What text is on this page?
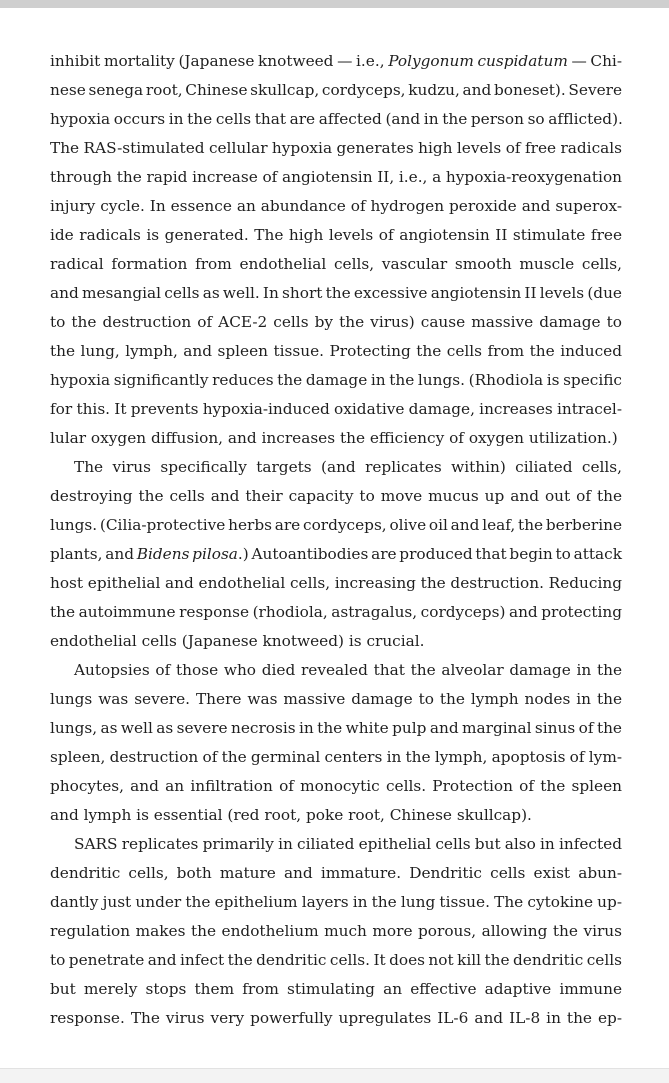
inhibit mortality (Japanese knotweed — i.e., Polygonum cuspidatum — Chi-
nese senega root, Chinese skullcap, cordyceps, kudzu, and boneset). Severe
hypoxia occurs in the cells that are affected (and in the person so afflicted).
The RAS-stimulated cellular hypoxia generates high levels of free radicals
through the rapid increase of angiotensin II, i.e., a hypoxia-reoxygenation
injury cycle. In essence an abundance of hydrogen peroxide and superox-
ide radicals is generated. The high levels of angiotensin II stimulate free
radical formation from endothelial cells, vascular smooth muscle cells,
and mesangial cells as well. In short the excessive angiotensin II levels (due
to the destruction of ACE-2 cells by the virus) cause massive damage to
the lung, lymph, and spleen tissue. Protecting the cells from the induced
hypoxia significantly reduces the damage in the lungs. (Rhodiola is specific
for this. It prevents hypoxia-induced oxidative damage, increases intracel-
lular oxygen diffusion, and increases the efficiency of oxygen utilization.)
The virus specifically targets (and replicates within) ciliated cells,
destroying the cells and their capacity to move mucus up and out of the
lungs. (Cilia-protective herbs are cordyceps, olive oil and leaf, the berberine
plants, and Bidens pilosa.) Autoantibodies are produced that begin to attack
host epithelial and endothelial cells, increasing the destruction. Reducing
the autoimmune response (rhodiola, astragalus, cordyceps) and protecting
endothelial cells (Japanese knotweed) is crucial.
Autopsies of those who died revealed that the alveolar damage in the
lungs was severe. There was massive damage to the lymph nodes in the
lungs, as well as severe necrosis in the white pulp and marginal sinus of the
spleen, destruction of the germinal centers in the lymph, apoptosis of lym-
phocytes, and an infiltration of monocytic cells. Protection of the spleen
and lymph is essential (red root, poke root, Chinese skullcap).
SARS replicates primarily in ciliated epithelial cells but also in infected
dendritic cells, both mature and immature. Dendritic cells exist abun-
dantly just under the epithelium layers in the lung tissue. The cytokine up-
regulation makes the endothelium much more porous, allowing the virus
to penetrate and infect the dendritic cells. It does not kill the dendritic cells
but merely stops them from stimulating an effective adaptive immune
response. The virus very powerfully upregulates IL-6 and IL-8 in the ep-
